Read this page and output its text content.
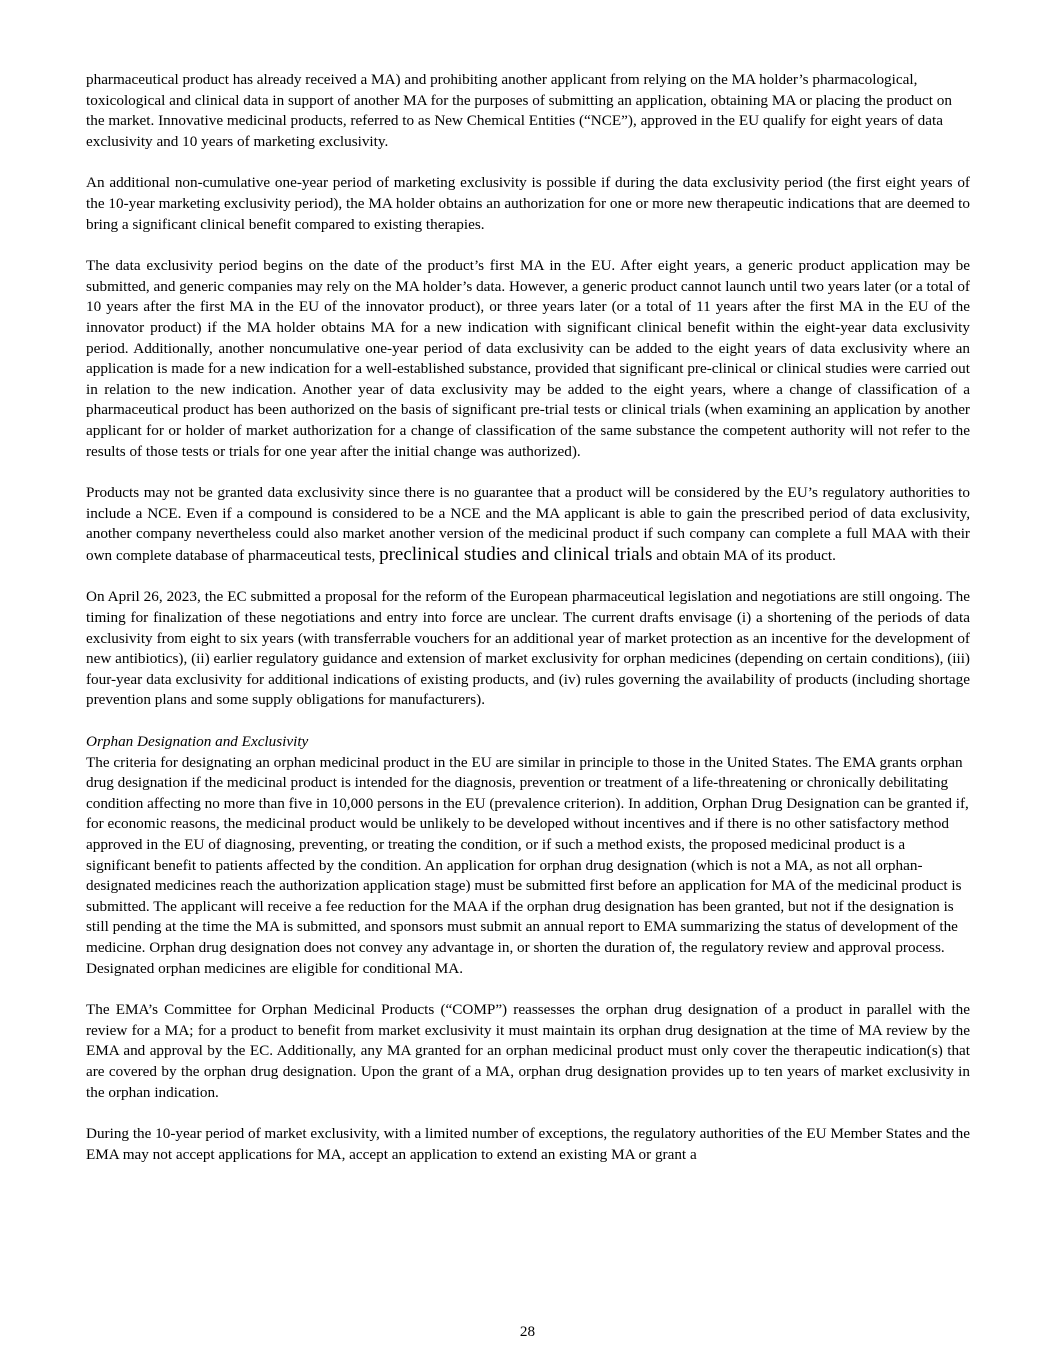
pharmaceutical product has already received a MA) and prohibiting another applicant from relying on the MA holder’s pharmacological, toxicological and clinical data in support of another MA for the purposes of submitting an application, obtaining MA or placing the product on the market. Innovative medicinal products, referred to as New Chemical Entities (“NCE”), approved in the EU qualify for eight years of data exclusivity and 10 years of marketing exclusivity.

An additional non-cumulative one-year period of marketing exclusivity is possible if during the data exclusivity period (the first eight years of the 10-year marketing exclusivity period), the MA holder obtains an authorization for one or more new therapeutic indications that are deemed to bring a significant clinical benefit compared to existing therapies.

The data exclusivity period begins on the date of the product’s first MA in the EU. After eight years, a generic product application may be submitted, and generic companies may rely on the MA holder’s data. However, a generic product cannot launch until two years later (or a total of 10 years after the first MA in the EU of the innovator product), or three years later (or a total of 11 years after the first MA in the EU of the innovator product) if the MA holder obtains MA for a new indication with significant clinical benefit within the eight-year data exclusivity period. Additionally, another noncumulative one-year period of data exclusivity can be added to the eight years of data exclusivity where an application is made for a new indication for a well-established substance, provided that significant pre-clinical or clinical studies were carried out in relation to the new indication. Another year of data exclusivity may be added to the eight years, where a change of classification of a pharmaceutical product has been authorized on the basis of significant pre-trial tests or clinical trials (when examining an application by another applicant for or holder of market authorization for a change of classification of the same substance the competent authority will not refer to the results of those tests or trials for one year after the initial change was authorized).

Products may not be granted data exclusivity since there is no guarantee that a product will be considered by the EU’s regulatory authorities to include a NCE. Even if a compound is considered to be a NCE and the MA applicant is able to gain the prescribed period of data exclusivity, another company nevertheless could also market another version of the medicinal product if such company can complete a full MAA with their own complete database of pharmaceutical tests, preclinical studies and clinical trials and obtain MA of its product.

On April 26, 2023, the EC submitted a proposal for the reform of the European pharmaceutical legislation and negotiations are still ongoing. The timing for finalization of these negotiations and entry into force are unclear. The current drafts envisage (i) a shortening of the periods of data exclusivity from eight to six years (with transferrable vouchers for an additional year of market protection as an incentive for the development of new antibiotics), (ii) earlier regulatory guidance and extension of market exclusivity for orphan medicines (depending on certain conditions), (iii) four-year data exclusivity for additional indications of existing products, and (iv) rules governing the availability of products (including shortage prevention plans and some supply obligations for manufacturers).

Orphan Designation and Exclusivity

The criteria for designating an orphan medicinal product in the EU are similar in principle to those in the United States. The EMA grants orphan drug designation if the medicinal product is intended for the diagnosis, prevention or treatment of a life-threatening or chronically debilitating condition affecting no more than five in 10,000 persons in the EU (prevalence criterion). In addition, Orphan Drug Designation can be granted if, for economic reasons, the medicinal product would be unlikely to be developed without incentives and if there is no other satisfactory method approved in the EU of diagnosing, preventing, or treating the condition, or if such a method exists, the proposed medicinal product is a significant benefit to patients affected by the condition. An application for orphan drug designation (which is not a MA, as not all orphan-designated medicines reach the authorization application stage) must be submitted first before an application for MA of the medicinal product is submitted. The applicant will receive a fee reduction for the MAA if the orphan drug designation has been granted, but not if the designation is still pending at the time the MA is submitted, and sponsors must submit an annual report to EMA summarizing the status of development of the medicine. Orphan drug designation does not convey any advantage in, or shorten the duration of, the regulatory review and approval process. Designated orphan medicines are eligible for conditional MA.

The EMA’s Committee for Orphan Medicinal Products (“COMP”) reassesses the orphan drug designation of a product in parallel with the review for a MA; for a product to benefit from market exclusivity it must maintain its orphan drug designation at the time of MA review by the EMA and approval by the EC. Additionally, any MA granted for an orphan medicinal product must only cover the therapeutic indication(s) that are covered by the orphan drug designation. Upon the grant of a MA, orphan drug designation provides up to ten years of market exclusivity in the orphan indication.

During the 10-year period of market exclusivity, with a limited number of exceptions, the regulatory authorities of the EU Member States and the EMA may not accept applications for MA, accept an application to extend an existing MA or grant a

28
